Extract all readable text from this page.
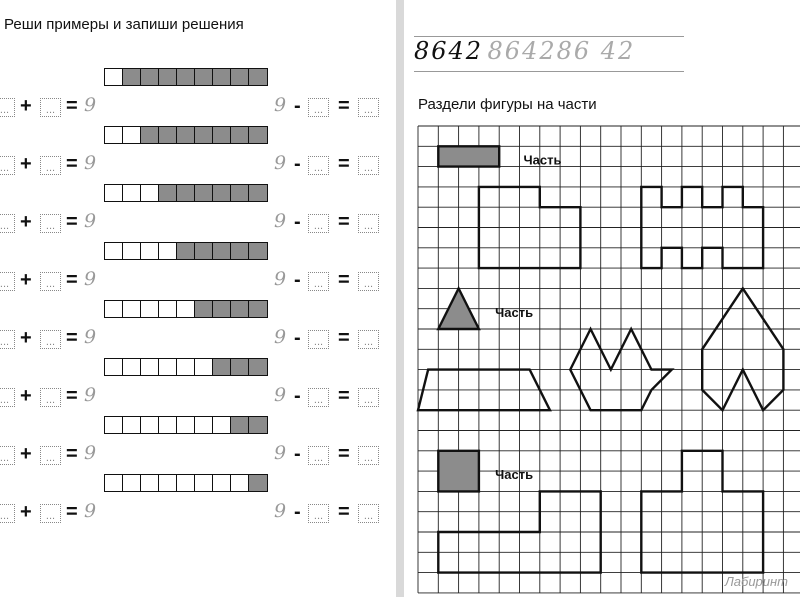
Реши примеры и запиши решения
... +	... = 9	9 -	... =	...
... +	... = 9	9 -	... =	...
... +	... = 9	9 -	... =	...
... +	... = 9	9 -	... =	...
... +	... = 9	9 -	... =	...
... +	... = 9	9 -	... =	...
... +	... = 9	9 -	... =	...
... +	... = 9	9 -	... =	...
8642 864286 42
Раздели фигуры на части
Часть
Часть
Часть
Лабиринт
